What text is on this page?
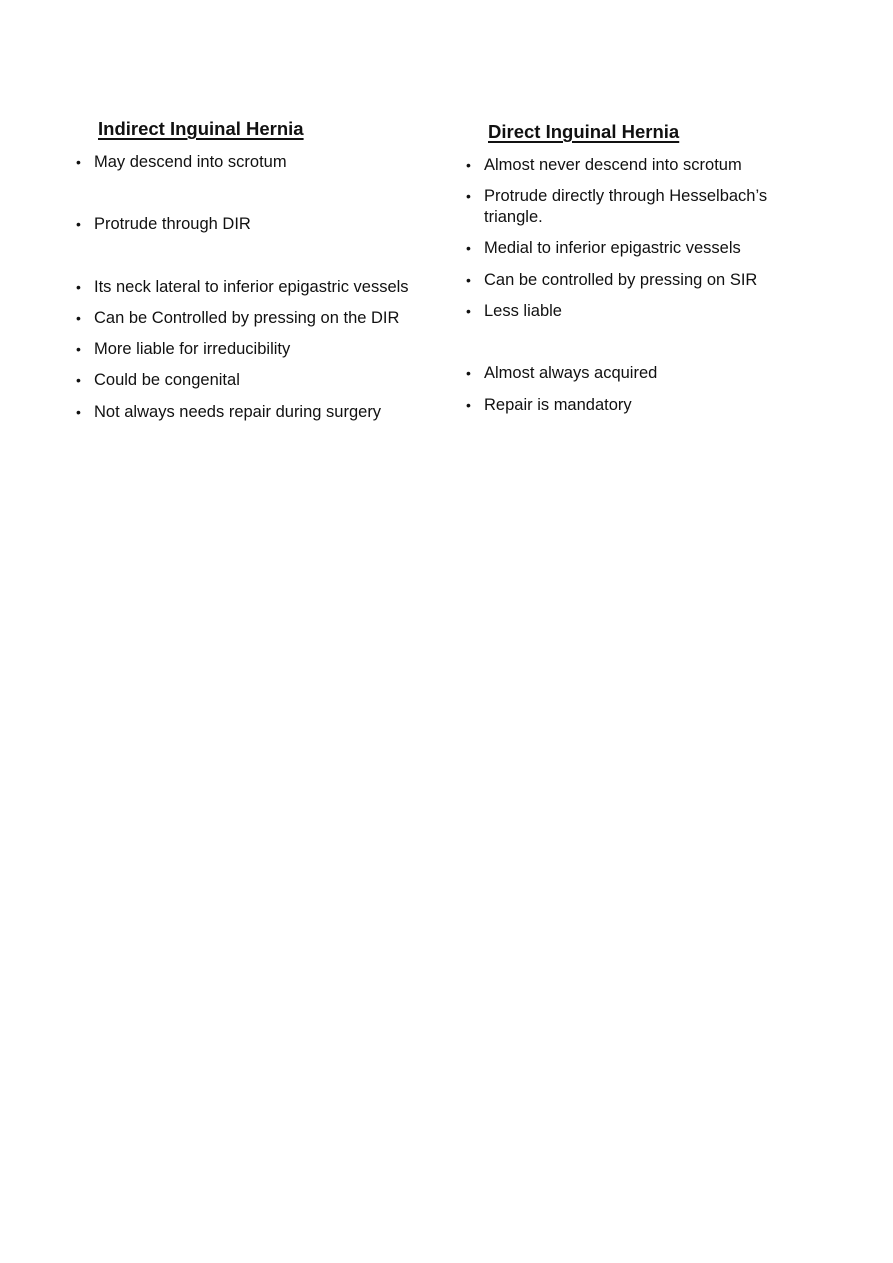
Indirect Inguinal Hernia
• May descend into scrotum
• Protrude through DIR
• Its neck lateral to inferior epigastric vessels
• Can be Controlled by pressing on the DIR
• More liable for irreducibility
• Could be congenital
• Not always needs repair during surgery
Direct Inguinal Hernia
• Almost never descend into scrotum
• Protrude directly through Hesselbach’s triangle.
• Medial to inferior epigastric vessels
• Can be controlled by pressing on SIR
• Less liable
• Almost always acquired
• Repair is mandatory
